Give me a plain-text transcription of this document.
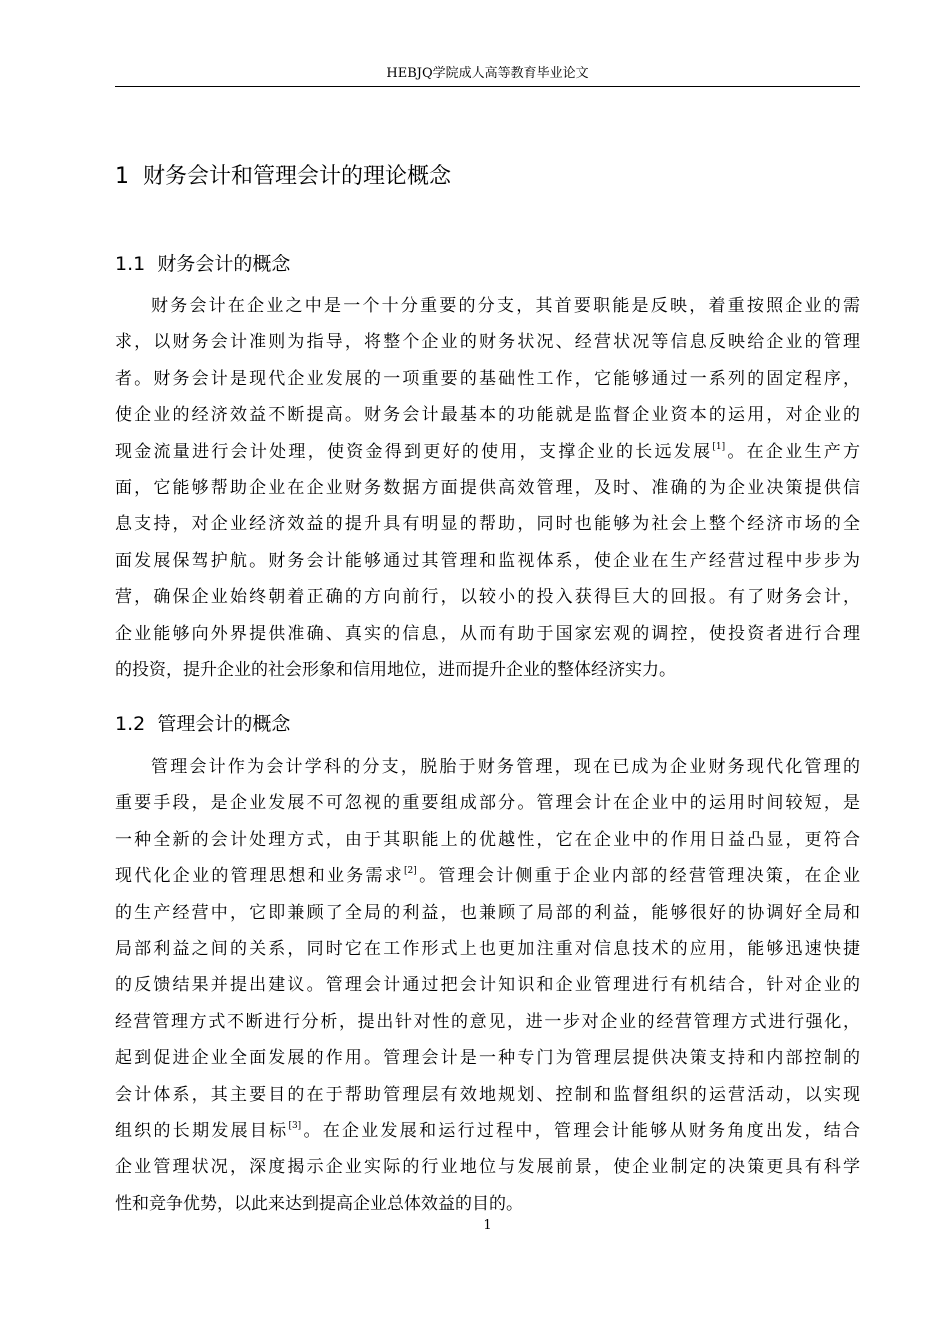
HEBJQ学院成人高等教育毕业论文
1 财务会计和管理会计的理论概念
1.1 财务会计的概念
财务会计在企业之中是一个十分重要的分支，其首要职能是反映，着重按照企业的需
求，以财务会计准则为指导，将整个企业的财务状况、经营状况等信息反映给企业的管理
者。财务会计是现代企业发展的一项重要的基础性工作，它能够通过一系列的固定程序，
使企业的经济效益不断提高。财务会计最基本的功能就是监督企业资本的运用，对企业的
现金流量进行会计处理，使资金得到更好的使用，支撑企业的长远发展[1]。在企业生产方
面，它能够帮助企业在企业财务数据方面提供高效管理，及时、准确的为企业决策提供信
息支持，对企业经济效益的提升具有明显的帮助，同时也能够为社会上整个经济市场的全
面发展保驾护航。财务会计能够通过其管理和监视体系，使企业在生产经营过程中步步为
营，确保企业始终朝着正确的方向前行，以较小的投入获得巨大的回报。有了财务会计，
企业能够向外界提供准确、真实的信息，从而有助于国家宏观的调控，使投资者进行合理
的投资，提升企业的社会形象和信用地位，进而提升企业的整体经济实力。
1.2 管理会计的概念
管理会计作为会计学科的分支，脱胎于财务管理，现在已成为企业财务现代化管理的
重要手段，是企业发展不可忽视的重要组成部分。管理会计在企业中的运用时间较短，是
一种全新的会计处理方式，由于其职能上的优越性，它在企业中的作用日益凸显，更符合
现代化企业的管理思想和业务需求[2]。管理会计侧重于企业内部的经营管理决策，在企业
的生产经营中，它即兼顾了全局的利益，也兼顾了局部的利益，能够很好的协调好全局和
局部利益之间的关系，同时它在工作形式上也更加注重对信息技术的应用，能够迅速快捷
的反馈结果并提出建议。管理会计通过把会计知识和企业管理进行有机结合，针对企业的
经营管理方式不断进行分析，提出针对性的意见，进一步对企业的经营管理方式进行强化，
起到促进企业全面发展的作用。管理会计是一种专门为管理层提供决策支持和内部控制的
会计体系，其主要目的在于帮助管理层有效地规划、控制和监督组织的运营活动，以实现
组织的长期发展目标[3]。在企业发展和运行过程中，管理会计能够从财务角度出发，结合
企业管理状况，深度揭示企业实际的行业地位与发展前景，使企业制定的决策更具有科学
性和竞争优势，以此来达到提高企业总体效益的目的。
1
